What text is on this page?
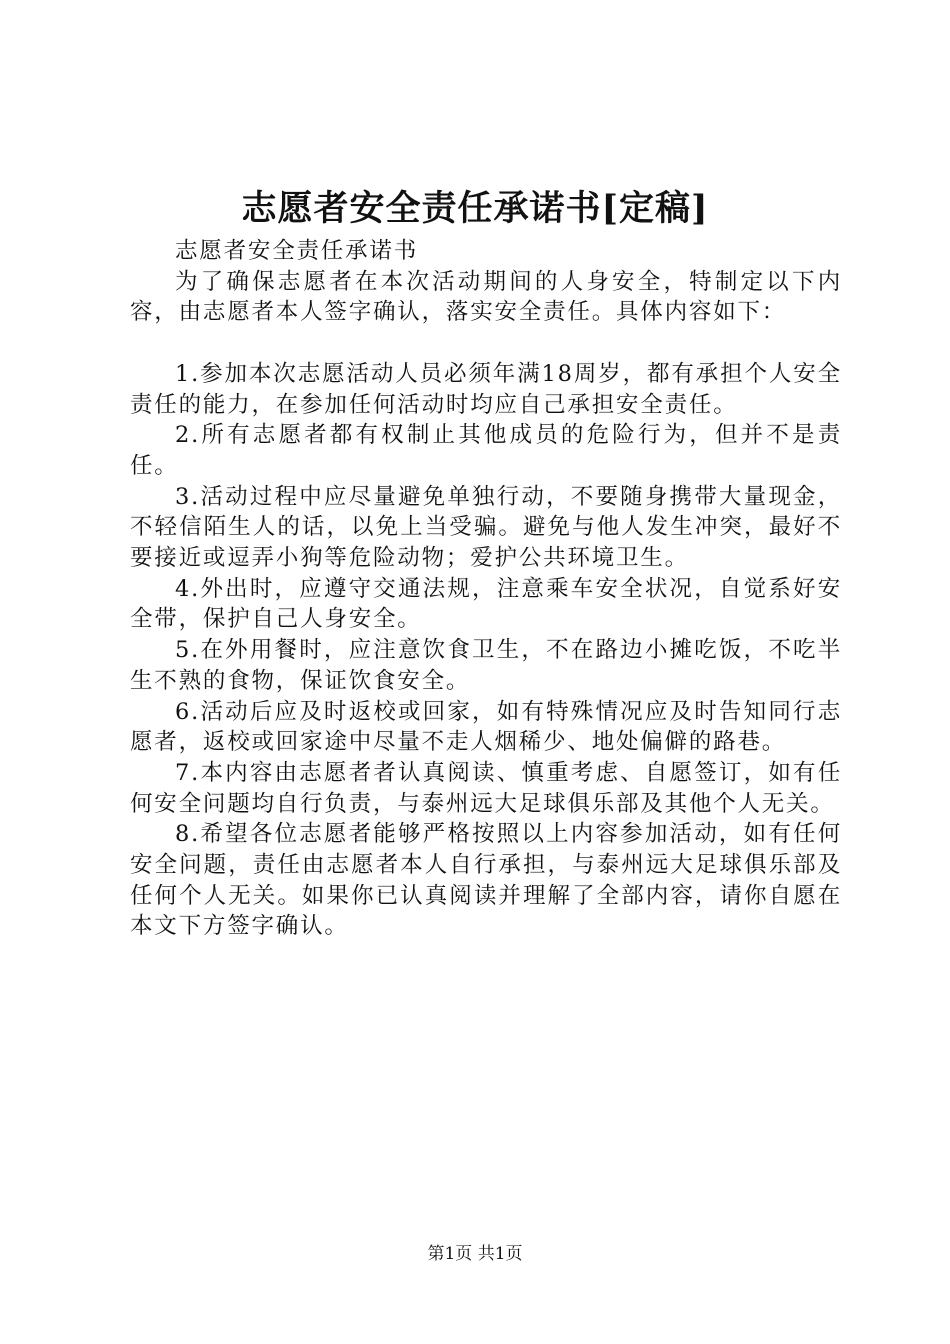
志愿者安全责任承诺书[定稿]

志愿者安全责任承诺书

为了确保志愿者在本次活动期间的人身安全，特制定以下内容，由志愿者本人签字确认，落实安全责任。具体内容如下：

1.参加本次志愿活动人员必须年满18周岁，都有承担个人安全责任的能力，在参加任何活动时均应自己承担安全责任。

2.所有志愿者都有权制止其他成员的危险行为，但并不是责任。

3.活动过程中应尽量避免单独行动，不要随身携带大量现金，不轻信陌生人的话，以免上当受骗。避免与他人发生冲突，最好不要接近或逗弄小狗等危险动物；爱护公共环境卫生。

4.外出时，应遵守交通法规，注意乘车安全状况，自觉系好安全带，保护自己人身安全。

5.在外用餐时，应注意饮食卫生，不在路边小摊吃饭，不吃半生不熟的食物，保证饮食安全。

6.活动后应及时返校或回家，如有特殊情况应及时告知同行志愿者，返校或回家途中尽量不走人烟稀少、地处偏僻的路巷。

7.本内容由志愿者者认真阅读、慎重考虑、自愿签订，如有任何安全问题均自行负责，与泰州远大足球俱乐部及其他个人无关。

8.希望各位志愿者能够严格按照以上内容参加活动，如有任何安全问题，责任由志愿者本人自行承担，与泰州远大足球俱乐部及任何个人无关。如果你已认真阅读并理解了全部内容，请你自愿在本文下方签字确认。

第1页 共1页
